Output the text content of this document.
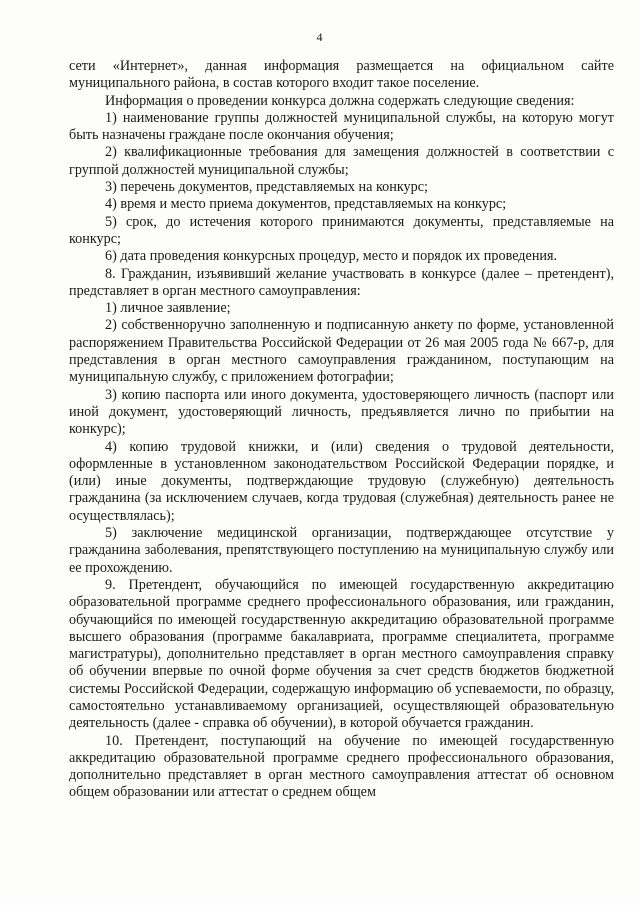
4

сети «Интернет», данная информация размещается на официальном сайте муниципального района, в состав которого входит такое поселение.

Информация о проведении конкурса должна содержать следующие сведения:

1) наименование группы должностей муниципальной службы, на которую могут быть назначены граждане после окончания обучения;

2) квалификационные требования для замещения должностей в соответствии с группой должностей муниципальной службы;

3) перечень документов, представляемых на конкурс;

4) время и место приема документов, представляемых на конкурс;

5) срок, до истечения которого принимаются документы, представляемые на конкурс;

6) дата проведения конкурсных процедур, место и порядок их проведения.

8. Гражданин, изъявивший желание участвовать в конкурсе (далее – претендент), представляет в орган местного самоуправления:

1) личное заявление;

2) собственноручно заполненную и подписанную анкету по форме, установленной распоряжением Правительства Российской Федерации от 26 мая 2005 года № 667-р, для представления в орган местного самоуправления гражданином, поступающим на муниципальную службу, с приложением фотографии;

3) копию паспорта или иного документа, удостоверяющего личность (паспорт или иной документ, удостоверяющий личность, предъявляется лично по прибытии на конкурс);

4) копию трудовой книжки, и (или) сведения о трудовой деятельности, оформленные в установленном законодательством Российской Федерации порядке, и (или) иные документы, подтверждающие трудовую (служебную) деятельность гражданина (за исключением случаев, когда трудовая (служебная) деятельность ранее не осуществлялась);

5) заключение медицинской организации, подтверждающее отсутствие у гражданина заболевания, препятствующего поступлению на муниципальную службу или ее прохождению.

9. Претендент, обучающийся по имеющей государственную аккредитацию образовательной программе среднего профессионального образования, или гражданин, обучающийся по имеющей государственную аккредитацию образовательной программе высшего образования (программе бакалавриата, программе специалитета, программе магистратуры), дополнительно представляет в орган местного самоуправления справку об обучении впервые по очной форме обучения за счет средств бюджетов бюджетной системы Российской Федерации, содержащую информацию об успеваемости, по образцу, самостоятельно устанавливаемому организацией, осуществляющей образовательную деятельность (далее - справка об обучении), в которой обучается гражданин.

10. Претендент, поступающий на обучение по имеющей государственную аккредитацию образовательной программе среднего профессионального образования, дополнительно представляет в орган местного самоуправления аттестат об основном общем образовании или аттестат о среднем общем
